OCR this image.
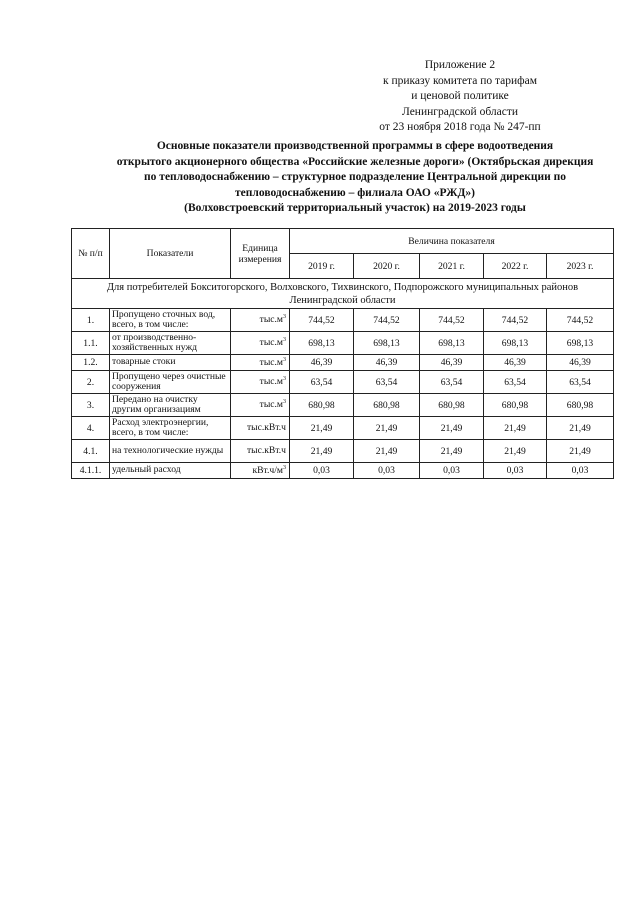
Приложение 2
к приказу комитета по тарифам
и ценовой политике
Ленинградской области
от 23 ноября 2018 года № 247-пп
Основные показатели производственной программы в сфере водоотведения
открытого акционерного общества «Российские железные дороги» (Октябрьская дирекция
по тепловодоснабжению – структурное подразделение Центральной дирекции по
тепловодоснабжению – филиала ОАО «РЖД»)
(Волховстроевский территориальный участок) на 2019-2023 годы
№ п/п	Показатели	Единица измерения	Величина показателя				
			2019 г.	2020 г.	2021 г.	2022 г.	2023 г.
Для потребителей Бокситогорского, Волховского, Тихвинского, Подпорожского муниципальных районов Ленинградской области							
1.	Пропущено сточных вод, всего, в том числе:	$тыс.м^3$	744,52	744,52	744,52	744,52	744,52
1.1.	от производственно-хозяйственных нужд	$тыс.м^3$	698,13	698,13	698,13	698,13	698,13
1.2.	товарные стоки	$тыс.м^3$	46,39	46,39	46,39	46,39	46,39
2.	Пропущено через очистные сооружения	$тыс.м^3$	63,54	63,54	63,54	63,54	63,54
3.	Передано на очистку другим организациям	$тыс.м^3$	680,98	680,98	680,98	680,98	680,98
4.	Расход электроэнергии, всего, в том числе:	тыс.кВт.ч	21,49	21,49	21,49	21,49	21,49
4.1.	на технологические нужды	тыс.кВт.ч	21,49	21,49	21,49	21,49	21,49
4.1.1.	удельный расход	$кВт.ч/м^3$	0,03	0,03	0,03	0,03	0,03
